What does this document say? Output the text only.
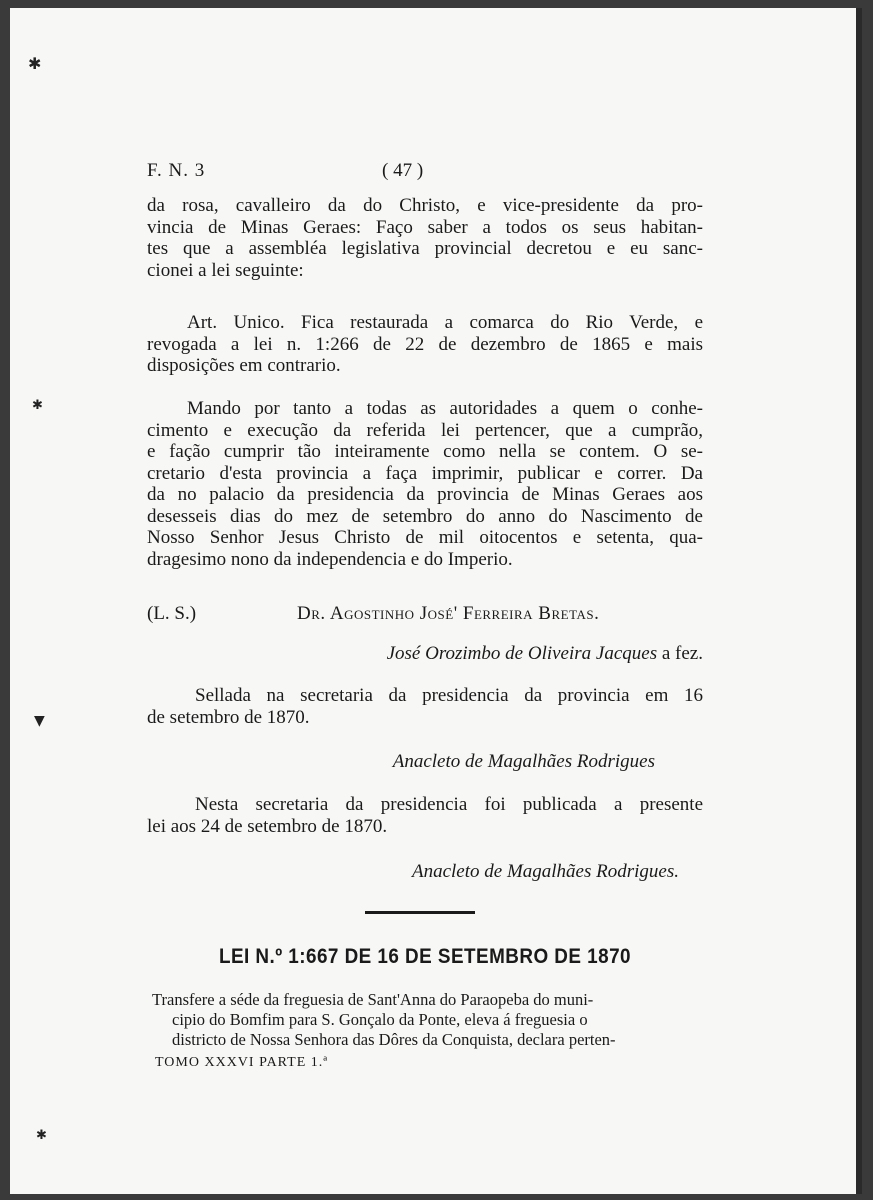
✱
✱
▼
✱
F. N. 3	( 47 )
da rosa, cavalleiro da do Christo, e vice-presidente da pro-
vincia de Minas Geraes: Faço saber a todos os seus habitan-
tes que a assembléa legislativa provincial decretou e eu sanc-
cionei a lei seguinte:
Art. Unico. Fica restaurada a comarca do Rio Verde, e
revogada a lei n. 1:266 de 22 de dezembro de 1865 e mais
disposições em contrario.
Mando por tanto a todas as autoridades a quem o conhe-
cimento e execução da referida lei pertencer, que a cumprão,
e fação cumprir tão inteiramente como nella se contem. O se-
cretario d'esta provincia a faça imprimir, publicar e correr. Da
da no palacio da presidencia da provincia de Minas Geraes aos
desesseis dias do mez de setembro do anno do Nascimento de
Nosso Senhor Jesus Christo de mil oitocentos e setenta, qua-
dragesimo nono da independencia e do Imperio.
(L. S.)	Dr. Agostinho José' Ferreira Bretas.
José Orozimbo de Oliveira Jacques a fez.
Sellada na secretaria da presidencia da provincia em 16
de setembro de 1870.
Anacleto de Magalhães Rodrigues
Nesta secretaria da presidencia foi publicada a presente
lei aos 24 de setembro de 1870.
Anacleto de Magalhães Rodrigues.
LEI N.º 1:667 DE 16 DE SETEMBRO DE 1870
Transfere a séde da freguesia de Sant'Anna do Paraopeba do muni-
cipio do Bomfim para S. Gonçalo da Ponte, eleva á freguesia o
districto de Nossa Senhora das Dôres da Conquista, declara perten-
TOMO XXXVI PARTE 1.ª
